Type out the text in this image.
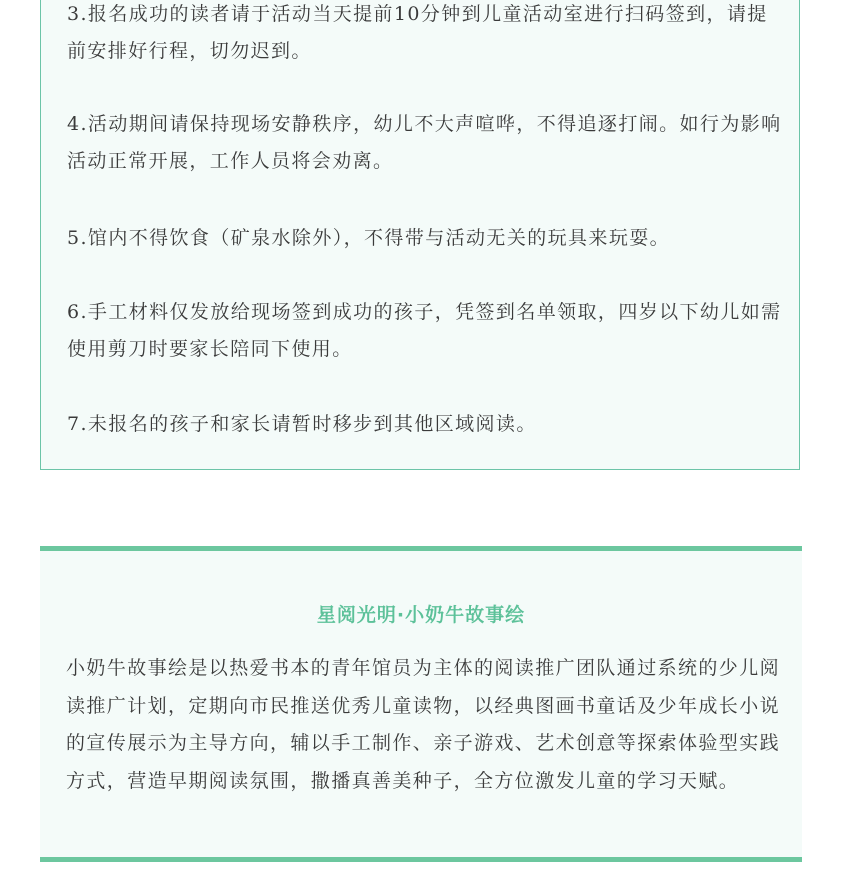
3.报名成功的读者请于活动当天提前10分钟到儿童活动室进行扫码签到，请提前安排好行程，切勿迟到。

4.活动期间请保持现场安静秩序，幼儿不大声喧哗，不得追逐打闹。如行为影响活动正常开展，工作人员将会劝离。

5.馆内不得饮食（矿泉水除外），不得带与活动无关的玩具来玩耍。

6.手工材料仅发放给现场签到成功的孩子，凭签到名单领取，四岁以下幼儿如需使用剪刀时要家长陪同下使用。

7.未报名的孩子和家长请暂时移步到其他区域阅读。

星阅光明·小奶牛故事绘

小奶牛故事绘是以热爱书本的青年馆员为主体的阅读推广团队通过系统的少儿阅读推广计划，定期向市民推送优秀儿童读物，以经典图画书童话及少年成长小说的宣传展示为主导方向，辅以手工制作、亲子游戏、艺术创意等探索体验型实践方式，营造早期阅读氛围，撒播真善美种子，全方位激发儿童的学习天赋。
